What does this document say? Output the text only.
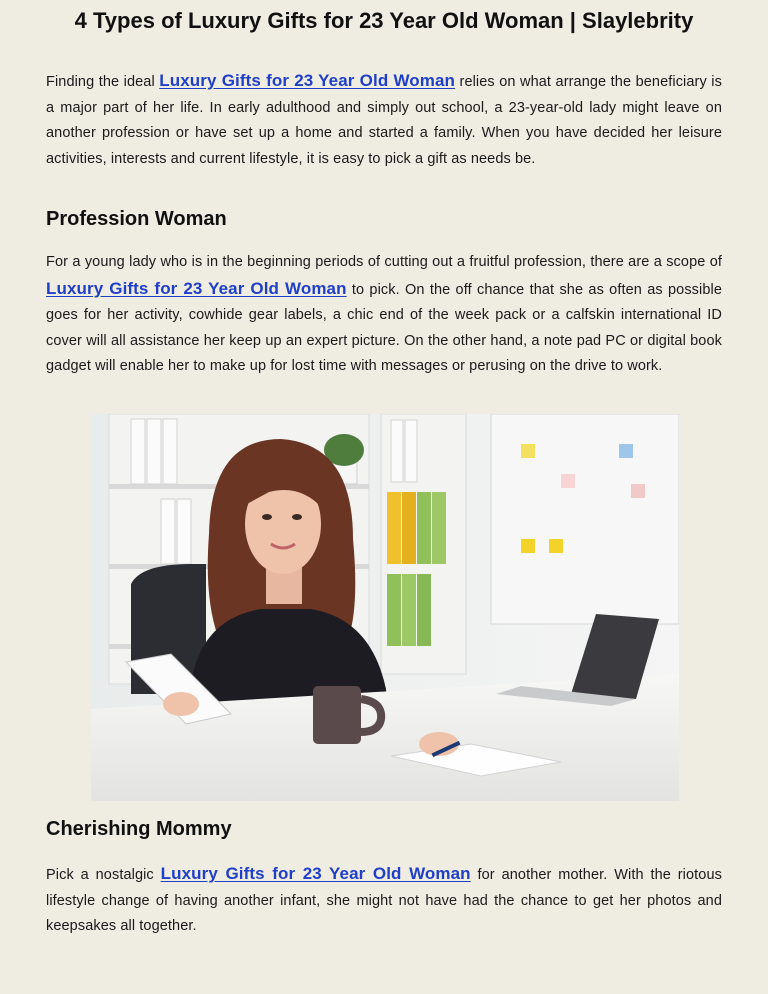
4 Types of Luxury Gifts for 23 Year Old Woman | Slaylebrity

Finding the ideal Luxury Gifts for 23 Year Old Woman relies on what arrange the beneficiary is a major part of her life. In early adulthood and simply out school, a 23-year-old lady might leave on another profession or have set up a home and started a family. When you have decided her leisure activities, interests and current lifestyle, it is easy to pick a gift as needs be.

Profession Woman

For a young lady who is in the beginning periods of cutting out a fruitful profession, there are a scope of Luxury Gifts for 23 Year Old Woman to pick. On the off chance that she as often as possible goes for her activity, cowhide gear labels, a chic end of the week pack or a calfskin international ID cover will all assistance her keep up an expert picture. On the other hand, a note pad PC or digital book gadget will enable her to make up for lost time with messages or perusing on the drive to work.

Cherishing Mommy

Pick a nostalgic Luxury Gifts for 23 Year Old Woman for another mother. With the riotous lifestyle change of having another infant, she might not have had the chance to get her photos and keepsakes all together.
